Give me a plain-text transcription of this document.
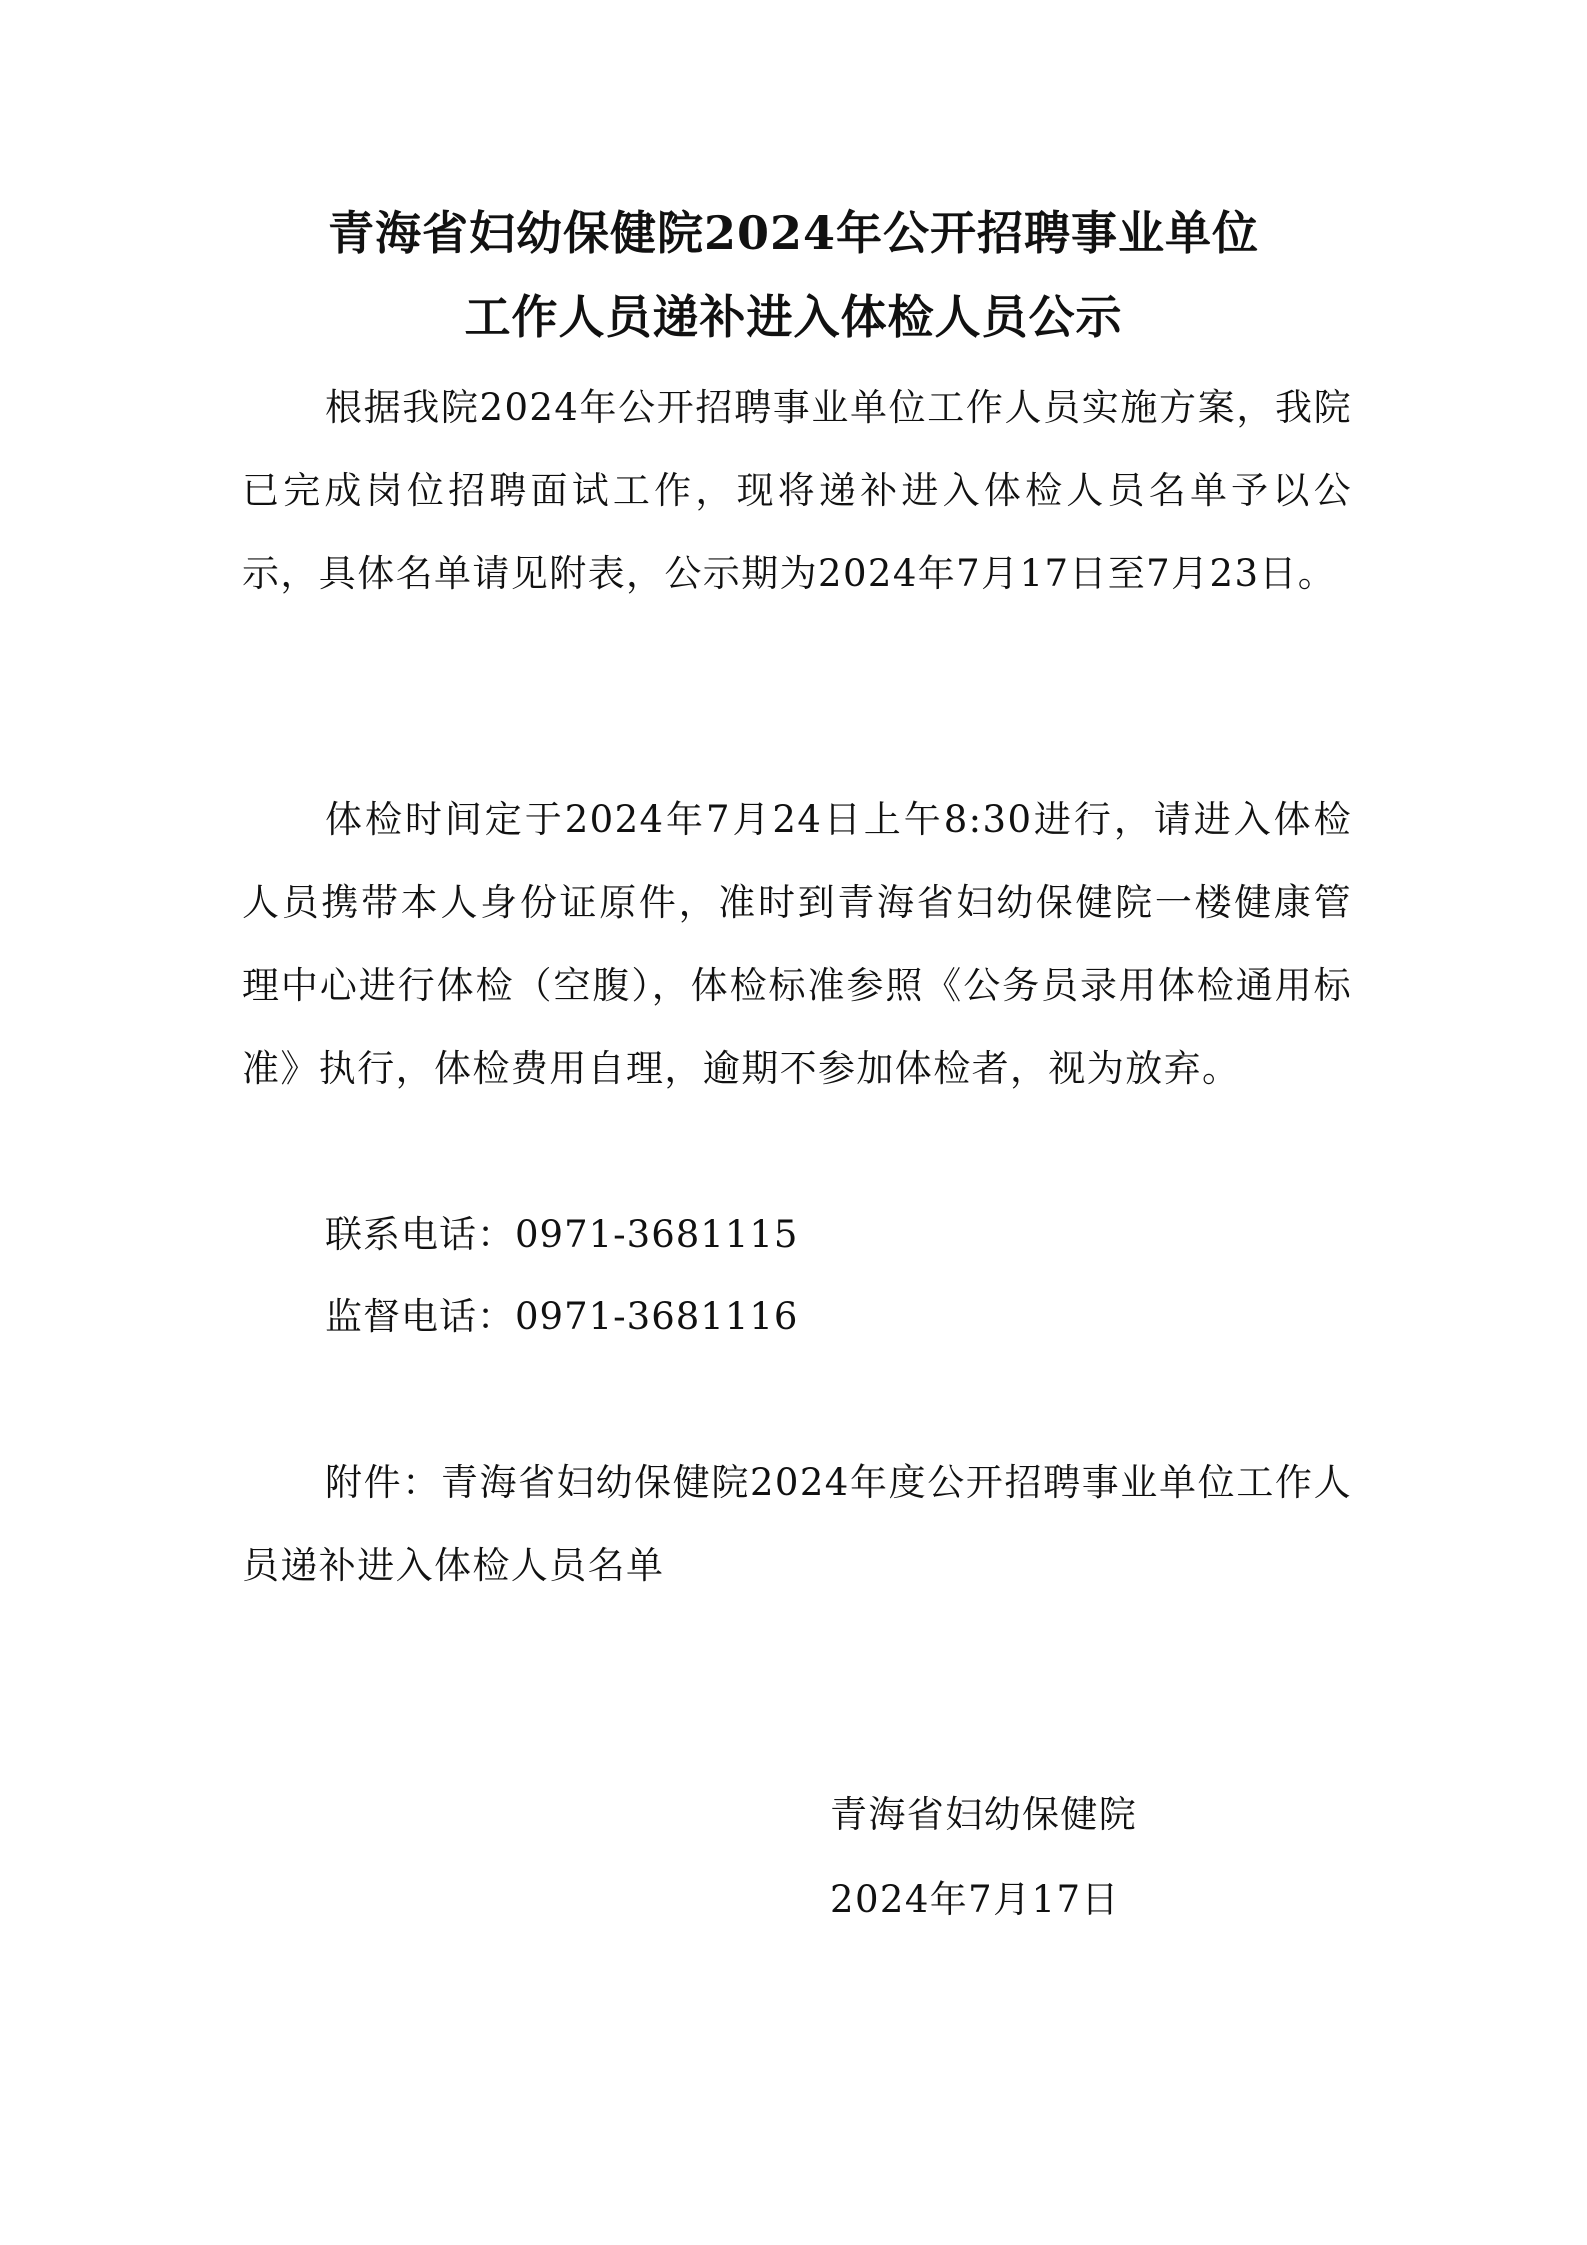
青海省妇幼保健院2024年公开招聘事业单位
工作人员递补进入体检人员公示

根据我院2024年公开招聘事业单位工作人员实施方案，我院已完成岗位招聘面试工作，现将递补进入体检人员名单予以公示，具体名单请见附表，公示期为2024年7月17日至7月23日。

体检时间定于2024年7月24日上午8:30进行，请进入体检人员携带本人身份证原件，准时到青海省妇幼保健院一楼健康管理中心进行体检（空腹），体检标准参照《公务员录用体检通用标准》执行，体检费用自理，逾期不参加体检者，视为放弃。

联系电话：0971-3681115

监督电话：0971-3681116

附件：青海省妇幼保健院2024年度公开招聘事业单位工作人员递补进入体检人员名单

青海省妇幼保健院

2024年7月17日
